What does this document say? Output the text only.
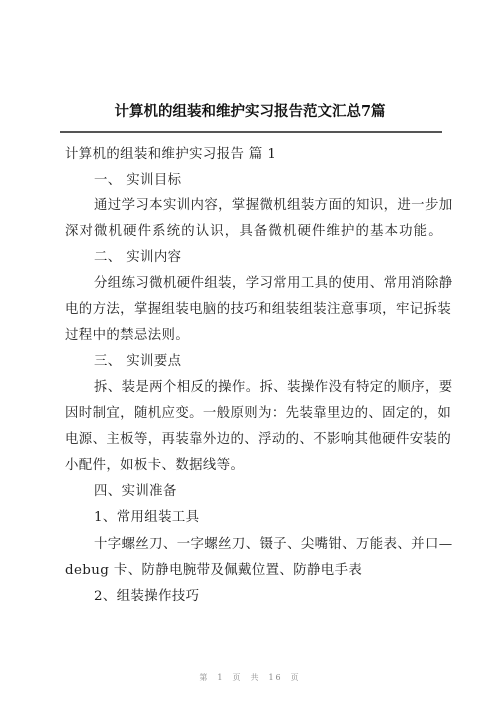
计算机的组装和维护实习报告范文汇总7篇
计算机的组装和维护实习报告 篇 1
一、 实训目标
通过学习本实训内容，掌握微机组装方面的知识，进一步加
深对微机硬件系统的认识，具备微机硬件维护的基本功能。
二、 实训内容
分组练习微机硬件组装，学习常用工具的使用、常用消除静
电的方法，掌握组装电脑的技巧和组装组装注意事项，牢记拆装
过程中的禁忌法则。
三、 实训要点
拆、装是两个相反的操作。拆、装操作没有特定的顺序，要
因时制宜，随机应变。一般原则为：先装靠里边的、固定的，如
电源、主板等，再装靠外边的、浮动的、不影响其他硬件安装的
小配件，如板卡、数据线等。
四、实训准备
1、常用组装工具
十字螺丝刀、一字螺丝刀、镊子、尖嘴钳、万能表、并口—
debug 卡、防静电腕带及佩戴位置、防静电手表
2、组装操作技巧
第 1 页 共 16 页
